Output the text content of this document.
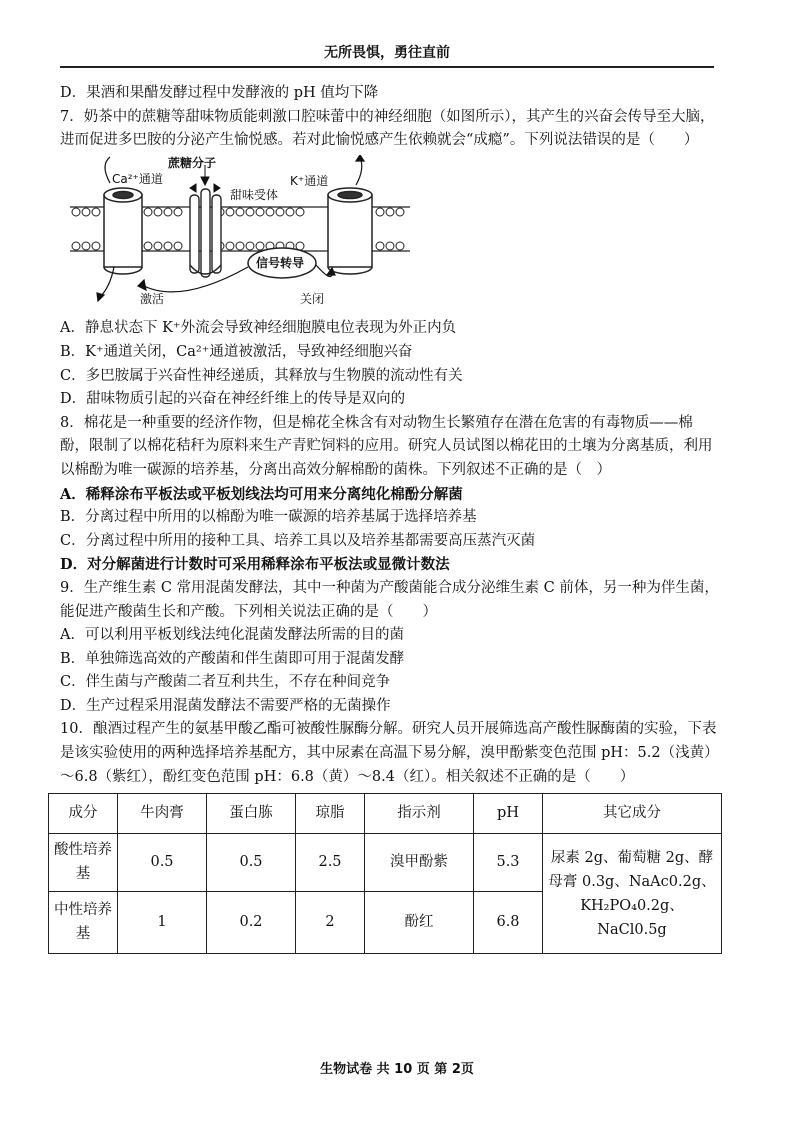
无所畏惧，勇往直前

D．果酒和果醋发酵过程中发酵液的 pH 值均下降

7．奶茶中的蔗糖等甜味物质能刺激口腔味蕾中的神经细胞（如图所示），其产生的兴奋会传导至大脑，进而促进多巴胺的分泌产生愉悦感。若对此愉悦感产生依赖就会“成瘾”。下列说法错误的是（　　）

蔗糖分子
Ca²⁺通道	K⁺通道
甜味受体
信号转导
激活	关闭

A．静息状态下 K⁺外流会导致神经细胞膜电位表现为外正内负

B．K⁺通道关闭，Ca²⁺通道被激活，导致神经细胞兴奋

C．多巴胺属于兴奋性神经递质，其释放与生物膜的流动性有关

D．甜味物质引起的兴奋在神经纤维上的传导是双向的

8．棉花是一种重要的经济作物，但是棉花全株含有对动物生长繁殖存在潜在危害的有毒物质——棉酚，限制了以棉花秸秆为原料来生产青贮饲料的应用。研究人员试图以棉花田的土壤为分离基质，利用以棉酚为唯一碳源的培养基，分离出高效分解棉酚的菌株。下列叙述不正确的是（　）

A．稀释涂布平板法或平板划线法均可用来分离纯化棉酚分解菌

B．分离过程中所用的以棉酚为唯一碳源的培养基属于选择培养基

C．分离过程中所用的接种工具、培养工具以及培养基都需要高压蒸汽灭菌

D．对分解菌进行计数时可采用稀释涂布平板法或显微计数法

9．生产维生素 C 常用混菌发酵法，其中一种菌为产酸菌能合成分泌维生素 C 前体，另一种为伴生菌，能促进产酸菌生长和产酸。下列相关说法正确的是（　　）

A．可以利用平板划线法纯化混菌发酵法所需的目的菌

B．单独筛选高效的产酸菌和伴生菌即可用于混菌发酵

C．伴生菌与产酸菌二者互利共生，不存在种间竞争

D．生产过程采用混菌发酵法不需要严格的无菌操作

10．酿酒过程产生的氨基甲酸乙酯可被酸性脲酶分解。研究人员开展筛选高产酸性脲酶菌的实验，下表是该实验使用的两种选择培养基配方，其中尿素在高温下易分解，溴甲酚紫变色范围 pH：5.2（浅黄）～6.8（紫红），酚红变色范围 pH：6.8（黄）～8.4（红）。相关叙述不正确的是（　　）

成分	牛肉膏	蛋白胨	琼脂	指示剂	pH	其它成分
酸性培养基	0.5	0.5	2.5	溴甲酚紫	5.3	尿素 2g、葡萄糖 2g、酵母膏 0.3g、NaAc0.2g、KH₂PO₄0.2g、NaCl0.5g
中性培养基	1	0.2	2	酚红	6.8	
生物试卷 共 10 页 第 2页
